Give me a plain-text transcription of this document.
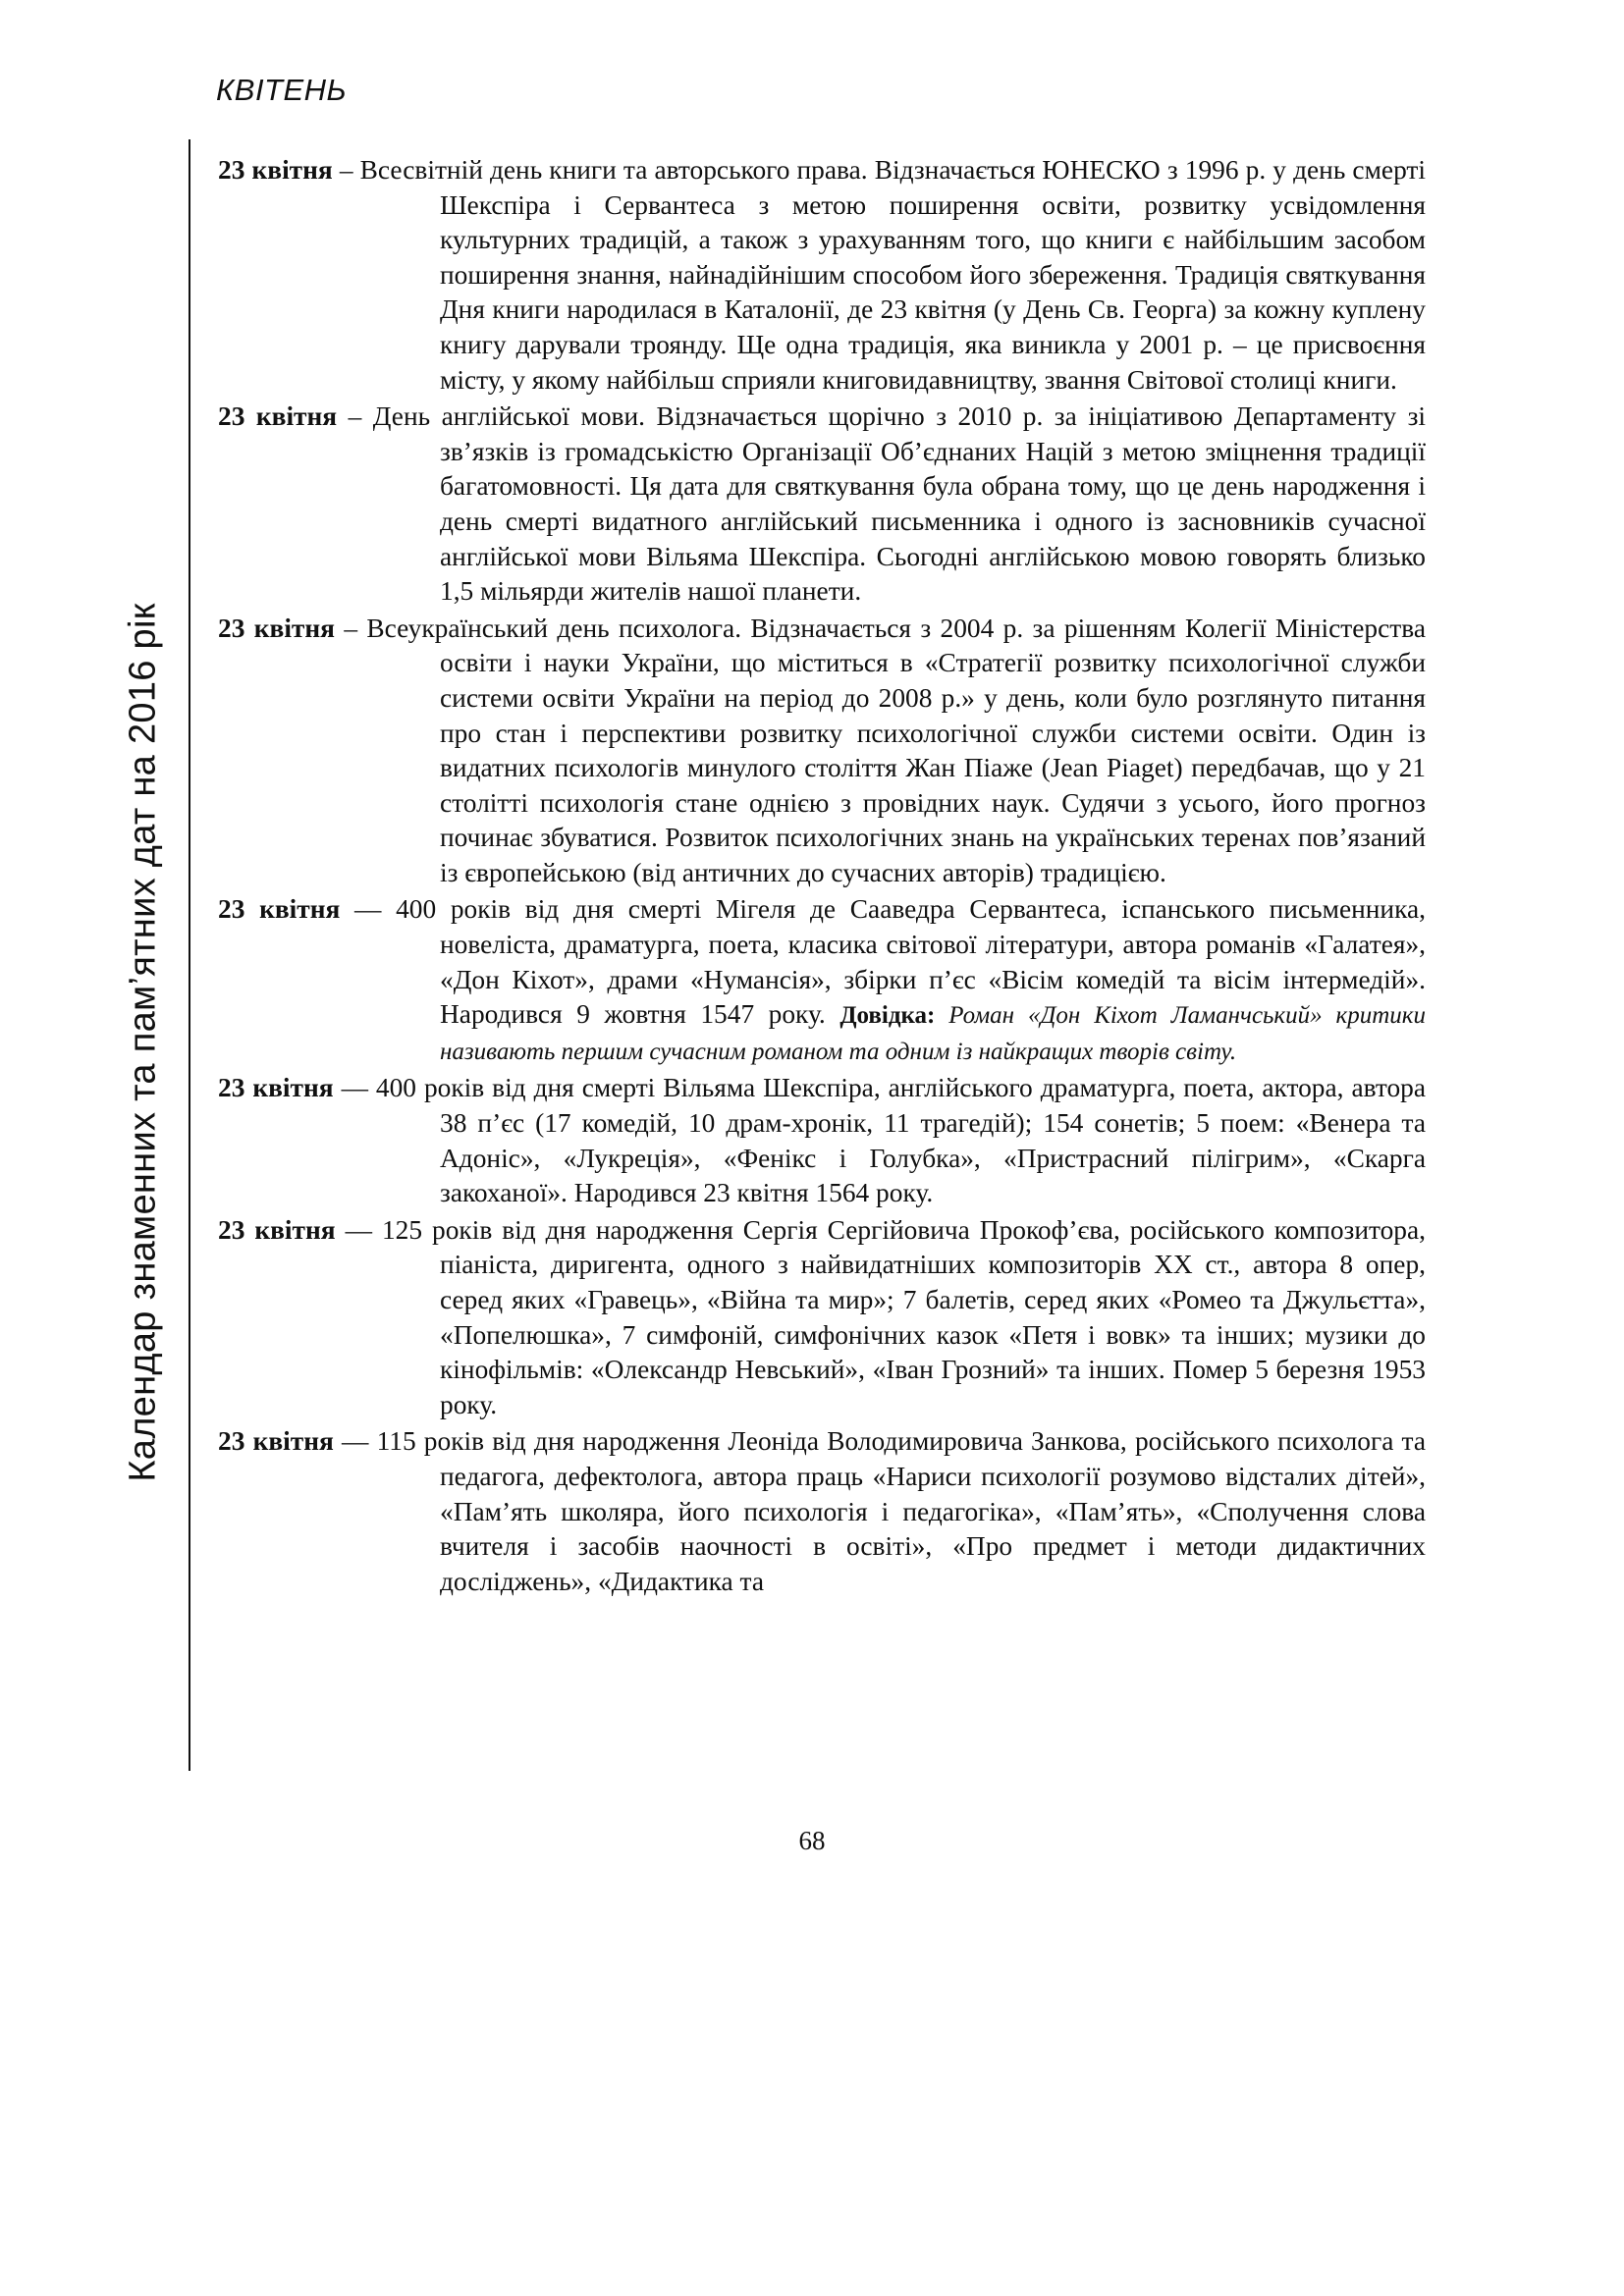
КВІТЕНЬ
Календар знаменних та пам’ятних дат на 2016 рік

23 квітня – Всесвітній день книги та авторського права. Відзначається ЮНЕСКО з 1996 р. у день смерті Шекспіра і Сервантеса з метою поширення освіти, розвитку усвідомлення культурних традицій, а також з урахуванням того, що книги є найбільшим засобом поширення знання, найнадійнішим способом його збереження. Традиція святкування Дня книги народилася в Каталонії, де 23 квітня (у День Св. Георга) за кожну куплену книгу дарували троянду. Ще одна традиція, яка виникла у 2001 р. – це присвоєння місту, у якому найбільш сприяли книговидавництву, звання Світової столиці книги.

23 квітня – День англійської мови. Відзначається щорічно з 2010 р. за ініціативою Департаменту зі зв’язків із громадськістю Організації Об’єднаних Націй з метою зміцнення традиції багатомовності. Ця дата для святкування була обрана тому, що це день народження і день смерті видатного англійський письменника і одного із засновників сучасної англійської мови Вільяма Шекспіра. Сьогодні англійською мовою говорять близько 1,5 мільярди жителів нашої планети.

23 квітня – Всеукраїнський день психолога. Відзначається з 2004 р. за рішенням Колегії Міністерства освіти і науки України, що міститься в «Стратегії розвитку психологічної служби системи освіти України на період до 2008 р.» у день, коли було розглянуто питання про стан і перспективи розвитку психологічної служби системи освіти. Один із видатних психологів минулого століття Жан Піаже (Jean Piaget) передбачав, що у 21 столітті психологія стане однією з провідних наук. Судячи з усього, його прогноз починає збуватися. Розвиток психологічних знань на українських теренах пов’язаний із європейською (від античних до сучасних авторів) традицією.

23 квітня — 400 років від дня смерті Мігеля де Сааведра Сервантеса, іспанського письменника, новеліста, драматурга, поета, класика світової літератури, автора романів «Галатея», «Дон Кіхот», драми «Нумансія», збірки п’єс «Вісім комедій та вісім інтермедій». Народився 9 жовтня 1547 року. Довідка: Роман «Дон Кіхот Ламанчський» критики називають першим сучасним романом та одним із найкращих творів світу.

23 квітня — 400 років від дня смерті Вільяма Шекспіра, англійського драматурга, поета, актора, автора 38 п’єс (17 комедій, 10 драм-хронік, 11 трагедій); 154 сонетів; 5 поем: «Венера та Адоніс», «Лукреція», «Фенікс і Голубка», «Пристрасний пілігрим», «Скарга закоханої». Народився 23 квітня 1564 року.

23 квітня — 125 років від дня народження Сергія Сергійовича Прокоф’єва, російського композитора, піаніста, диригента, одного з найвидатніших композиторів XX ст., автора 8 опер, серед яких «Гравець», «Війна та мир»; 7 балетів, серед яких «Ромео та Джульєтта», «Попелюшка», 7 симфоній, симфонічних казок «Петя і вовк» та інших; музики до кінофільмів: «Олександр Невський», «Іван Грозний» та інших. Помер 5 березня 1953 року.

23 квітня — 115 років від дня народження Леоніда Володимировича Занкова, російського психолога та педагога, дефектолога, автора праць «Нариси психології розумово відсталих дітей», «Пам’ять школяра, його психологія і педагогіка», «Пам’ять», «Сполучення слова вчителя і засобів наочності в освіті», «Про предмет і методи дидактичних досліджень», «Дидактика та

68
